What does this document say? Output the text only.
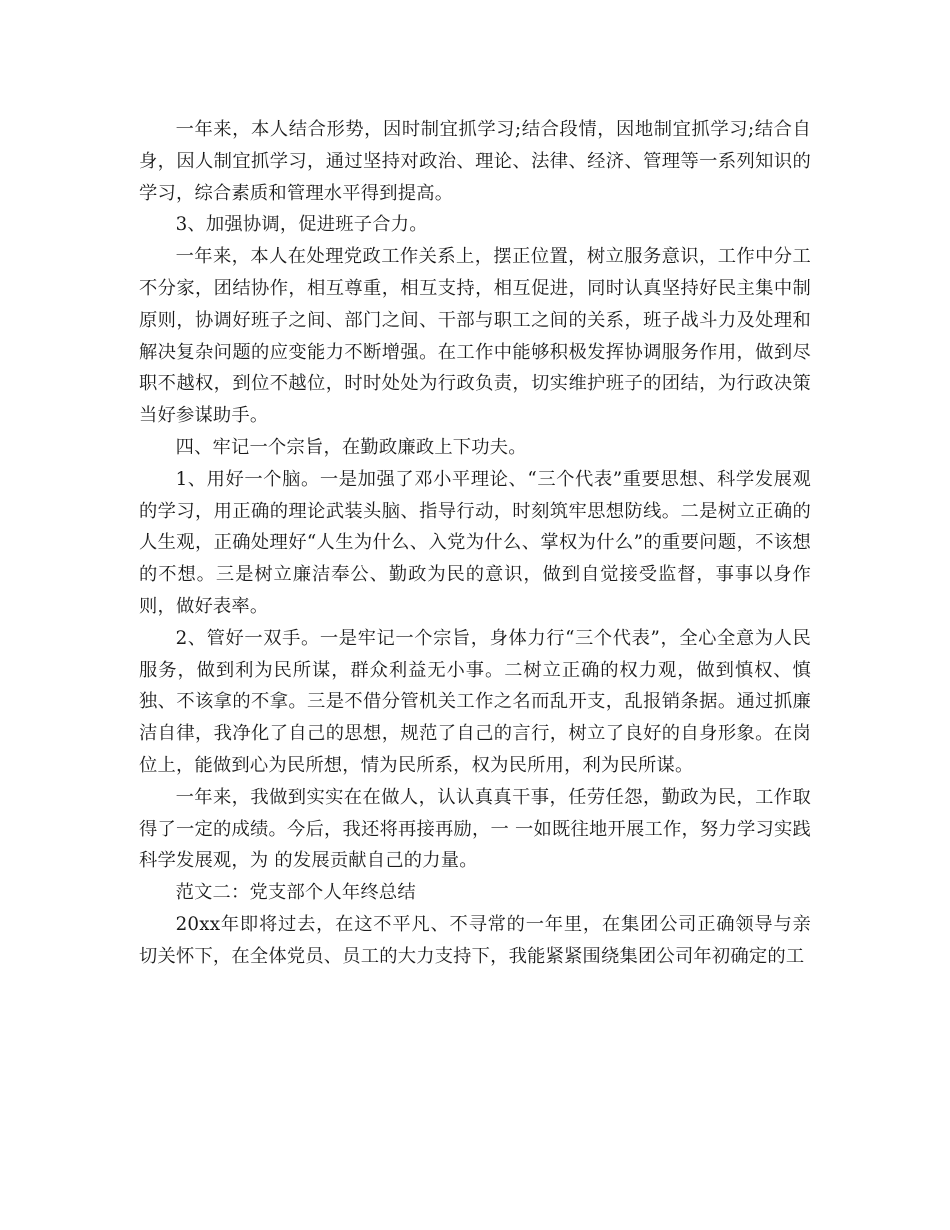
一年来，本人结合形势，因时制宜抓学习;结合段情，因地制宜抓学习;结合自身，因人制宜抓学习，通过坚持对政治、理论、法律、经济、管理等一系列知识的学习，综合素质和管理水平得到提高。

3、加强协调，促进班子合力。

一年来，本人在处理党政工作关系上，摆正位置，树立服务意识，工作中分工不分家，团结协作，相互尊重，相互支持，相互促进，同时认真坚持好民主集中制原则，协调好班子之间、部门之间、干部与职工之间的关系，班子战斗力及处理和解决复杂问题的应变能力不断增强。在工作中能够积极发挥协调服务作用，做到尽职不越权，到位不越位，时时处处为行政负责，切实维护班子的团结，为行政决策当好参谋助手。

四、牢记一个宗旨，在勤政廉政上下功夫。

1、用好一个脑。一是加强了邓小平理论、“三个代表”重要思想、科学发展观的学习，用正确的理论武装头脑、指导行动，时刻筑牢思想防线。二是树立正确的人生观，正确处理好“人生为什么、入党为什么、掌权为什么”的重要问题，不该想的不想。三是树立廉洁奉公、勤政为民的意识，做到自觉接受监督，事事以身作则，做好表率。

2、管好一双手。一是牢记一个宗旨，身体力行“三个代表”，全心全意为人民服务，做到利为民所谋，群众利益无小事。二树立正确的权力观，做到慎权、慎独、不该拿的不拿。三是不借分管机关工作之名而乱开支，乱报销条据。通过抓廉洁自律，我净化了自己的思想，规范了自己的言行，树立了良好的自身形象。在岗位上，能做到心为民所想，情为民所系，权为民所用，利为民所谋。

一年来，我做到实实在在做人，认认真真干事，任劳任怨，勤政为民，工作取得了一定的成绩。今后，我还将再接再励，一 一如既往地开展工作，努力学习实践科学发展观，为 的发展贡献自己的力量。

范文二：党支部个人年终总结

20xx年即将过去，在这不平凡、不寻常的一年里，在集团公司正确领导与亲切关怀下，在全体党员、员工的大力支持下，我能紧紧围绕集团公司年初确定的工
